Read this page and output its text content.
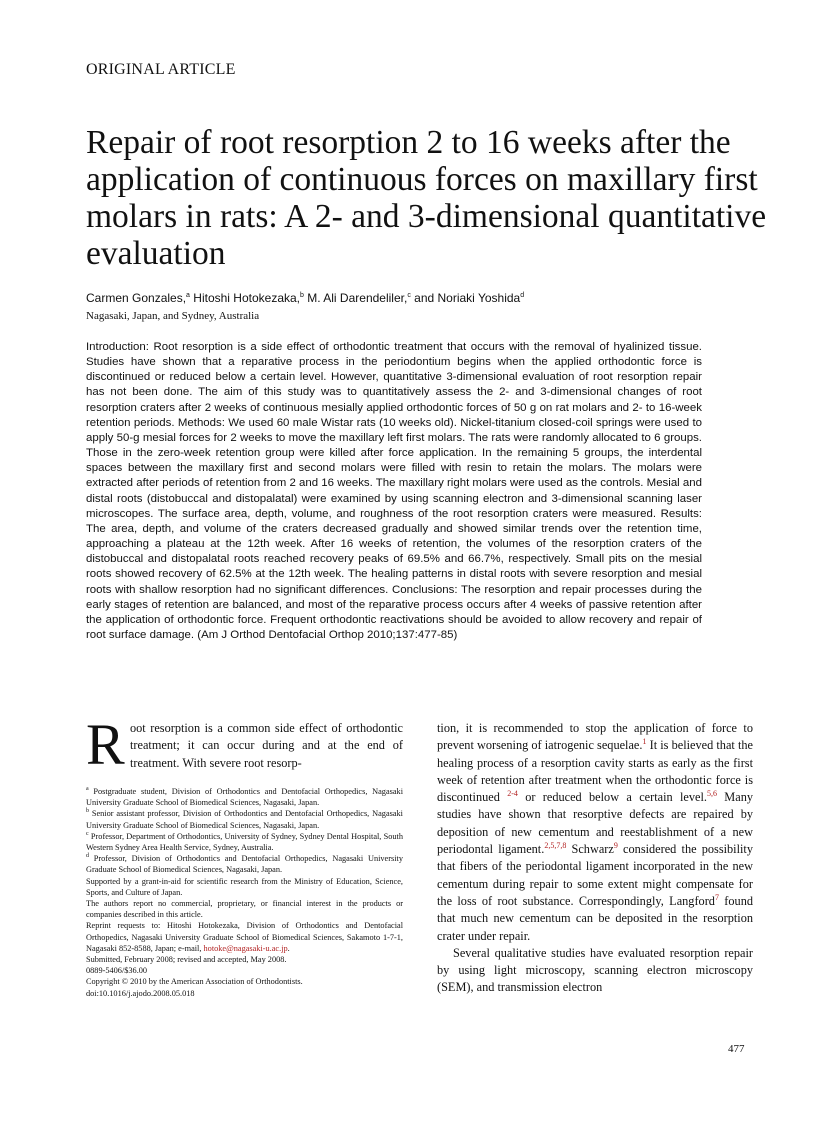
ORIGINAL ARTICLE
Repair of root resorption 2 to 16 weeks after the application of continuous forces on maxillary first molars in rats: A 2- and 3-dimensional quantitative evaluation
Carmen Gonzales,$^a$ Hitoshi Hotokezaka,$^b$ M. Ali Darendeliler,$^c$ and Noriaki Yoshida$^d$
Nagasaki, Japan, and Sydney, Australia

Introduction: Root resorption is a side effect of orthodontic treatment that occurs with the removal of hyalinized tissue. Studies have shown that a reparative process in the periodontium begins when the applied orthodontic force is discontinued or reduced below a certain level. However, quantitative 3-dimensional evaluation of root resorption repair has not been done. The aim of this study was to quantitatively assess the 2- and 3-dimensional changes of root resorption craters after 2 weeks of continuous mesially applied orthodontic forces of 50 g on rat molars and 2- to 16-week retention periods. Methods: We used 60 male Wistar rats (10 weeks old). Nickel-titanium closed-coil springs were used to apply 50-g mesial forces for 2 weeks to move the maxillary left first molars. The rats were randomly allocated to 6 groups. Those in the zero-week retention group were killed after force application. In the remaining 5 groups, the interdental spaces between the maxillary first and second molars were filled with resin to retain the molars. The molars were extracted after periods of retention from 2 and 16 weeks. The maxillary right molars were used as the controls. Mesial and distal roots (distobuccal and distopalatal) were examined by using scanning electron and 3-dimensional scanning laser microscopes. The surface area, depth, volume, and roughness of the root resorption craters were measured. Results: The area, depth, and volume of the craters decreased gradually and showed similar trends over the retention time, approaching a plateau at the 12th week. After 16 weeks of retention, the volumes of the resorption craters of the distobuccal and distopalatal roots reached recovery peaks of 69.5% and 66.7%, respectively. Small pits on the mesial roots showed recovery of 62.5% at the 12th week. The healing patterns in distal roots with severe resorption and mesial roots with shallow resorption had no significant differences. Conclusions: The resorption and repair processes during the early stages of retention are balanced, and most of the reparative process occurs after 4 weeks of passive retention after the application of orthodontic force. Frequent orthodontic reactivations should be avoided to allow recovery and repair of root surface damage. (Am J Orthod Dentofacial Orthop 2010;137:477-85)

R oot resorption is a common side effect of orthodontic treatment; it can occur during and at the end of treatment. With severe root resorp-

$^a$ Postgraduate student, Division of Orthodontics and Dentofacial Orthopedics, Nagasaki University Graduate School of Biomedical Sciences, Nagasaki, Japan.

$^b$ Senior assistant professor, Division of Orthodontics and Dentofacial Orthopedics, Nagasaki University Graduate School of Biomedical Sciences, Nagasaki, Japan.

$^c$ Professor, Department of Orthodontics, University of Sydney, Sydney Dental Hospital, South Western Sydney Area Health Service, Sydney, Australia.

$^d$ Professor, Division of Orthodontics and Dentofacial Orthopedics, Nagasaki University Graduate School of Biomedical Sciences, Nagasaki, Japan.

Supported by a grant-in-aid for scientific research from the Ministry of Education, Science, Sports, and Culture of Japan.

The authors report no commercial, proprietary, or financial interest in the products or companies described in this article.

Reprint requests to: Hitoshi Hotokezaka, Division of Orthodontics and Dentofacial Orthopedics, Nagasaki University Graduate School of Biomedical Sciences, Sakamoto 1-7-1, Nagasaki 852-8588, Japan; e-mail, hotoke@nagasaki-u.ac.jp.

Submitted, February 2008; revised and accepted, May 2008.

0889-5406/$36.00

Copyright © 2010 by the American Association of Orthodontists.

doi:10.1016/j.ajodo.2008.05.018

tion, it is recommended to stop the application of force to prevent worsening of iatrogenic sequelae.$^1$ It is believed that the healing process of a resorption cavity starts as early as the first week of retention after treatment when the orthodontic force is discontinued $^{2-4}$ or reduced below a certain level.$^{5,6}$ Many studies have shown that resorptive defects are repaired by deposition of new cementum and reestablishment of a new periodontal ligament.$^{2,5,7,8}$ Schwarz$^9$ considered the possibility that fibers of the periodontal ligament incorporated in the new cementum during repair to some extent might compensate for the loss of root substance. Correspondingly, Langford$^7$ found that much new cementum can be deposited in the resorption crater under repair.

Several qualitative studies have evaluated resorption repair by using light microscopy, scanning electron microscopy (SEM), and transmission electron

477
